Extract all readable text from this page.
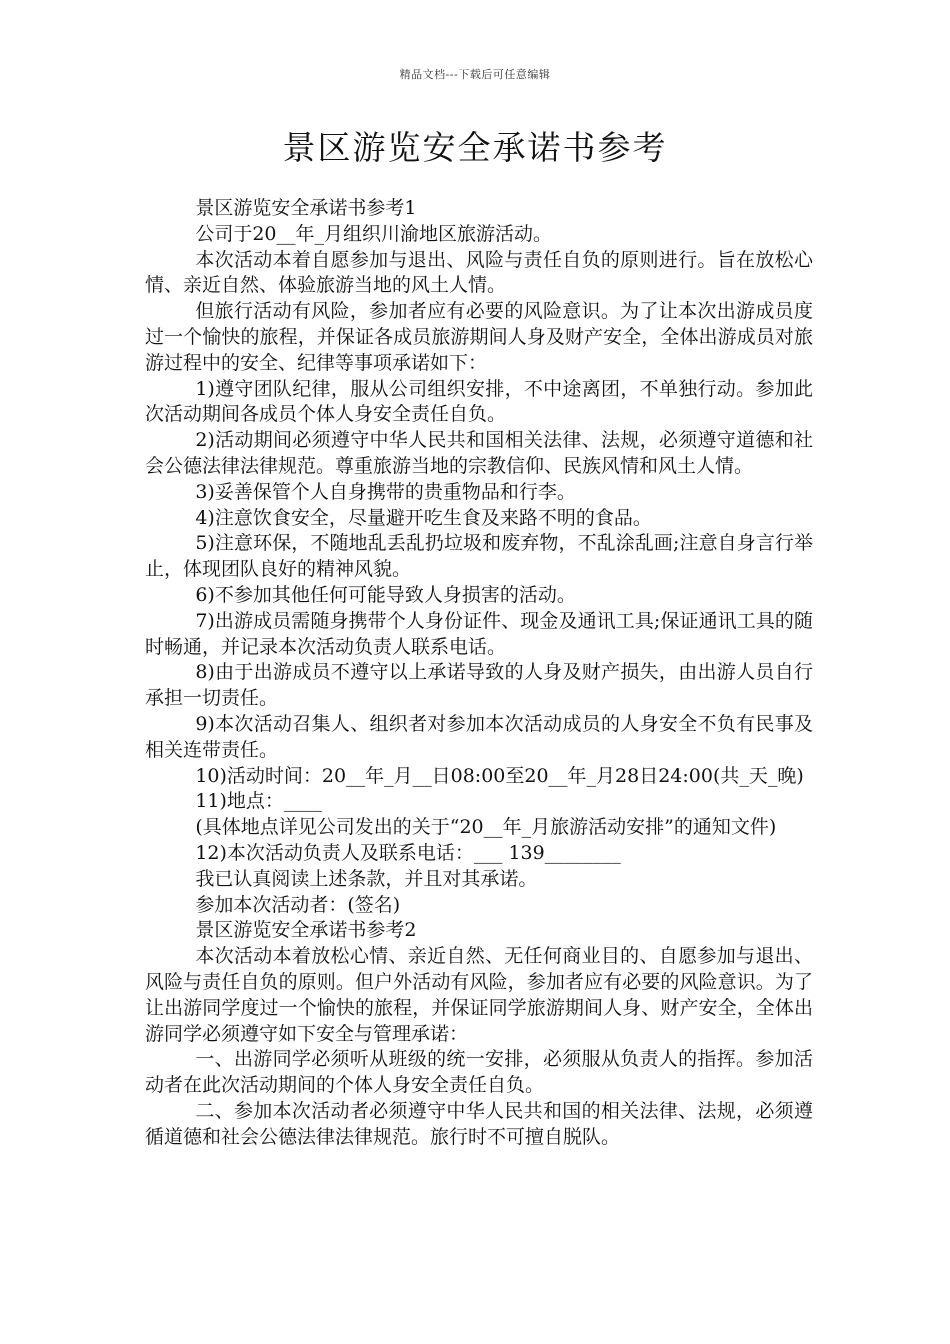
精品文档---下载后可任意编辑
景区游览安全承诺书参考

景区游览安全承诺书参考1

公司于20__年_月组织川渝地区旅游活动。

本次活动本着自愿参加与退出、风险与责任自负的原则进行。旨在放松心情、亲近自然、体验旅游当地的风土人情。

但旅行活动有风险，参加者应有必要的风险意识。为了让本次出游成员度过一个愉快的旅程，并保证各成员旅游期间人身及财产安全，全体出游成员对旅游过程中的安全、纪律等事项承诺如下：

1)遵守团队纪律，服从公司组织安排，不中途离团，不单独行动。参加此次活动期间各成员个体人身安全责任自负。

2)活动期间必须遵守中华人民共和国相关法律、法规，必须遵守道德和社会公德法律法律规范。尊重旅游当地的宗教信仰、民族风情和风土人情。

3)妥善保管个人自身携带的贵重物品和行李。

4)注意饮食安全，尽量避开吃生食及来路不明的食品。

5)注意环保，不随地乱丢乱扔垃圾和废弃物，不乱涂乱画;注意自身言行举止，体现团队良好的精神风貌。

6)不参加其他任何可能导致人身损害的活动。

7)出游成员需随身携带个人身份证件、现金及通讯工具;保证通讯工具的随时畅通，并记录本次活动负责人联系电话。

8)由于出游成员不遵守以上承诺导致的人身及财产损失，由出游人员自行承担一切责任。

9)本次活动召集人、组织者对参加本次活动成员的人身安全不负有民事及相关连带责任。

10)活动时间：20__年_月__日08:00至20__年_月28日24:00(共_天_晚)

11)地点：____

(具体地点详见公司发出的关于“20__年_月旅游活动安排”的通知文件)

12)本次活动负责人及联系电话：___ 139________

我已认真阅读上述条款，并且对其承诺。

参加本次活动者：(签名)

景区游览安全承诺书参考2

本次活动本着放松心情、亲近自然、无任何商业目的、自愿参加与退出、风险与责任自负的原则。但户外活动有风险，参加者应有必要的风险意识。为了让出游同学度过一个愉快的旅程，并保证同学旅游期间人身、财产安全，全体出游同学必须遵守如下安全与管理承诺：

一、出游同学必须听从班级的统一安排，必须服从负责人的指挥。参加活动者在此次活动期间的个体人身安全责任自负。

二、参加本次活动者必须遵守中华人民共和国的相关法律、法规，必须遵循道德和社会公德法律法律规范。旅行时不可擅自脱队。
